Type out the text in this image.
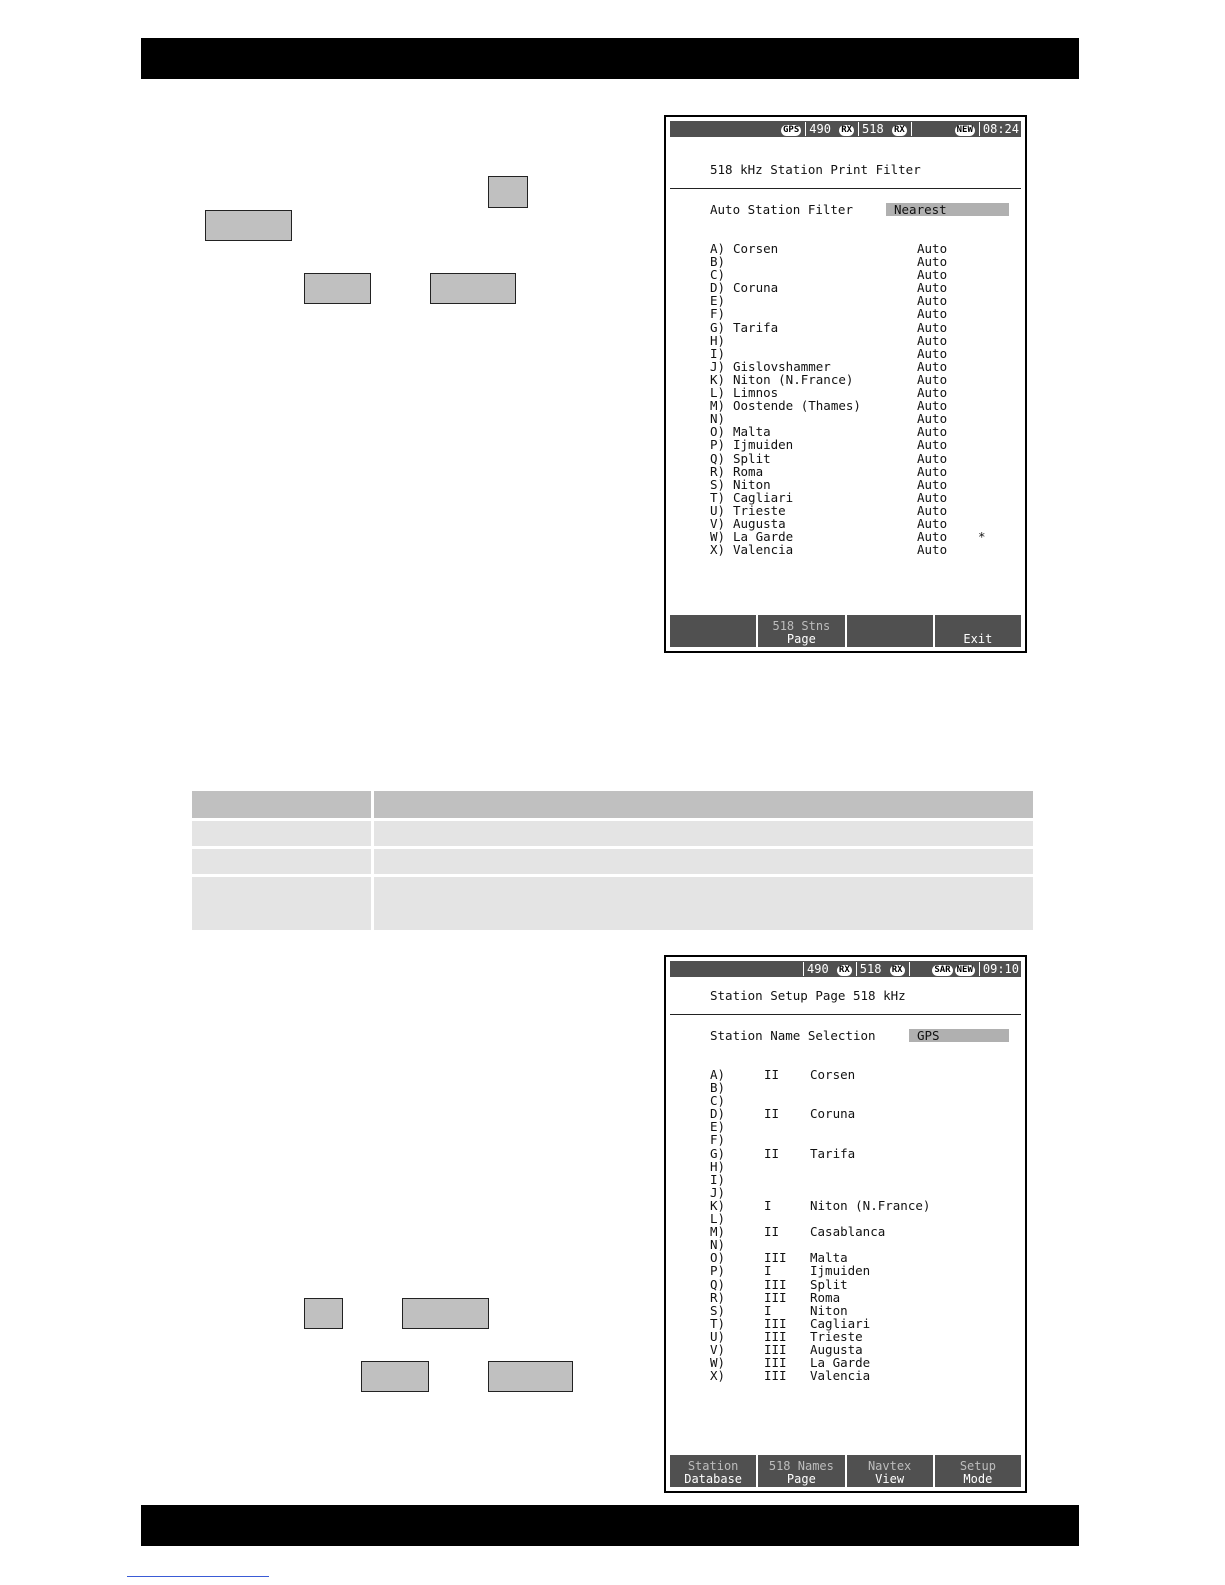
GPS 490 RX 518 RX	NEW 08:24
518 kHz Station Print Filter
Auto Station Filter	Nearest
A) Corsen	Auto
B)	Auto
C)	Auto
D) Coruna	Auto
E)	Auto
F)	Auto
G) Tarifa	Auto
H)	Auto
I)	Auto
J) Gislovshammer	Auto
K) Niton (N.France)	Auto
L) Limnos	Auto
M) Oostende (Thames)	Auto
N)	Auto
O) Malta	Auto
P) Ijmuiden	Auto
Q) Split	Auto
R) Roma	Auto
S) Niton	Auto
T) Cagliari	Auto
U) Trieste	Auto
V) Augusta	Auto
W) La Garde	Auto *
X) Valencia	Auto
518 Stns
Page	Exit

490 RX 518 RX	SAR NEW 09:10
Station Setup Page 518 kHz
Station Name Selection	GPS
A)	II Corsen
B)
C)
D)	II Coruna
E)
F)
G)	II Tarifa
H)
I)
J)
K)	I	Niton (N.France)
L)
M)	II Casablanca
N)
O)	III Malta
P)	I	Ijmuiden
Q)	III Split
R)	III Roma
S)	I	Niton
T)	III Cagliari
U)	III Trieste
V)	III Augusta
W)	III La Garde
X)	III Valencia
Station
Database
518 Names
Page
Navtex
View
Setup
Mode
